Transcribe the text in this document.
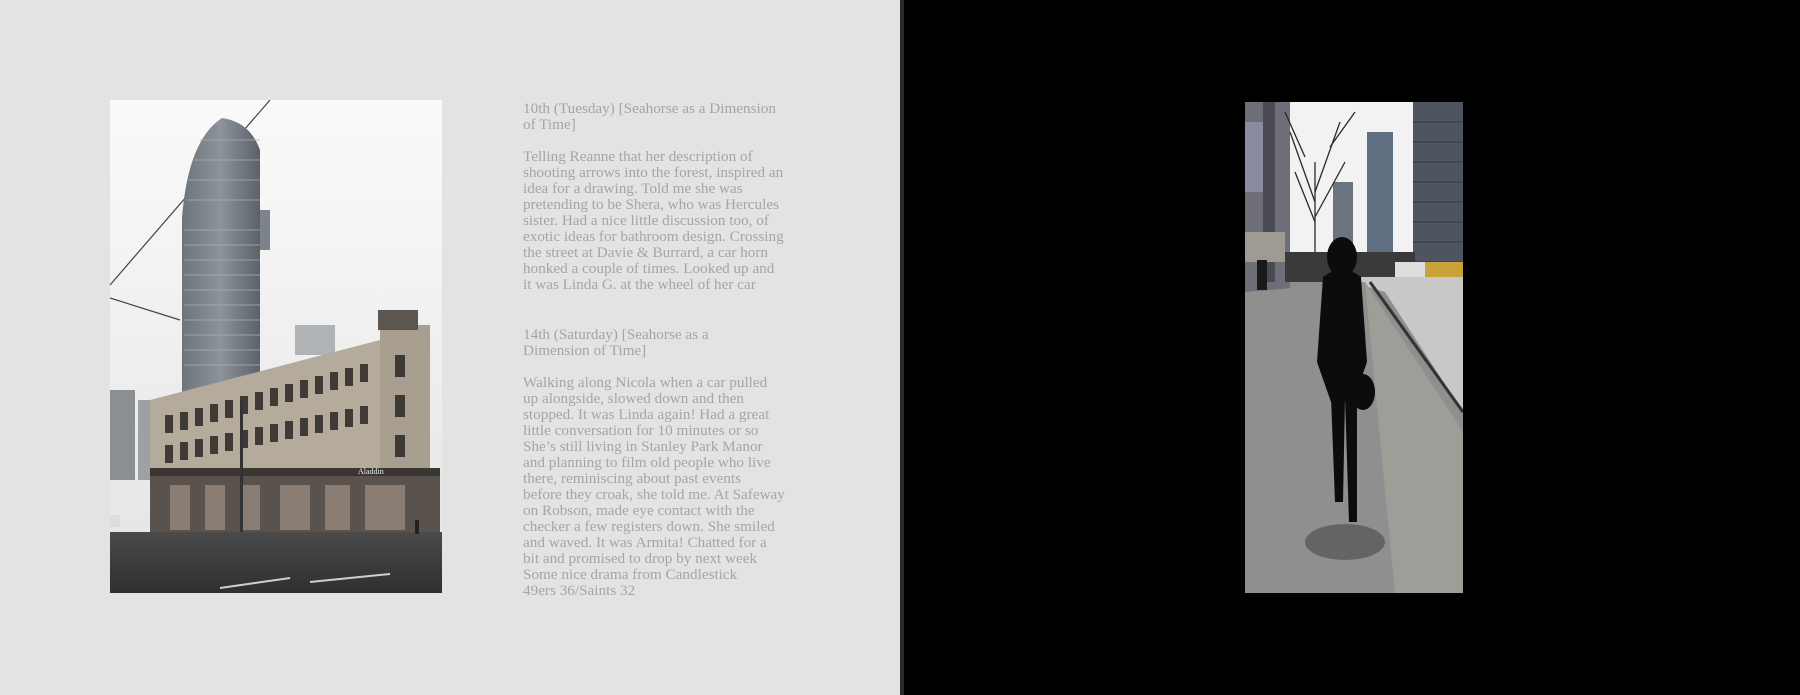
Aladdin

10th (Tuesday) [Seahorse as a Dimension
of Time]

Telling Reanne that her description of
shooting arrows into the forest, inspired an
idea for a drawing. Told me she was
pretending to be Shera, who was Hercules
sister. Had a nice little discussion too, of
exotic ideas for bathroom design. Crossing
the street at Davie & Burrard, a car horn
honked a couple of times. Looked up and
it was Linda G. at the wheel of her car

14th (Saturday) [Seahorse as a
Dimension of Time]

Walking along Nicola when a car pulled
up alongside, slowed down and then
stopped. It was Linda again! Had a great
little conversation for 10 minutes or so
She’s still living in Stanley Park Manor
and planning to film old people who live
there, reminiscing about past events
before they croak, she told me. At Safeway
on Robson, made eye contact with the
checker a few registers down. She smiled
and waved. It was Armita! Chatted for a
bit and promised to drop by next week
Some nice drama from Candlestick
49ers 36/Saints 32
